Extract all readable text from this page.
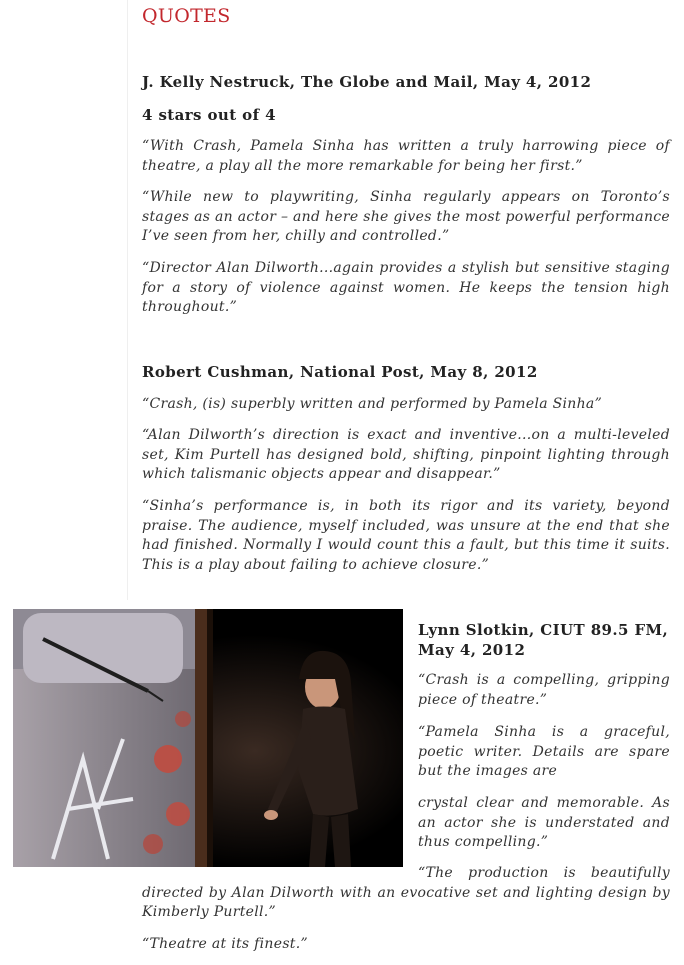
QUOTES

J. Kelly Nestruck, The Globe and Mail, May 4, 2012

4 stars out of 4

“With Crash, Pamela Sinha has written a truly harrowing piece of theatre, a play all the more remarkable for being her first.”

“While new to playwriting, Sinha regularly appears on Toronto’s stages as an actor – and here she gives the most powerful performance I’ve seen from her, chilly and controlled.”

“Director Alan Dilworth...again provides a stylish but sensitive staging for a story of violence against women. He keeps the tension high throughout.”

Robert Cushman, National Post, May 8, 2012

“Crash, (is) superbly written and performed by Pamela Sinha”

“Alan Dilworth’s direction is exact and inventive...on a multi-leveled set, Kim Purtell has designed bold, shifting, pinpoint lighting through which talismanic objects appear and disappear.”

“Sinha’s performance is, in both its rigor and its variety, beyond praise. The audience, myself included, was unsure at the end that she had finished. Normally I would count this a fault, but this time it suits. This is a play about failing to achieve closure.”

Lynn Slotkin, CIUT 89.5 FM,

May 4, 2012

“Crash is a compelling, gripping piece of theatre.”

“Pamela Sinha is a graceful, poetic writer. Details are spare but the images are

crystal clear and memorable. As an actor she is understated and thus compelling.”

“The production is beautifully directed by Alan Dilworth with an evocative set and lighting design by Kimberly Purtell.”

“Theatre at its finest.”
